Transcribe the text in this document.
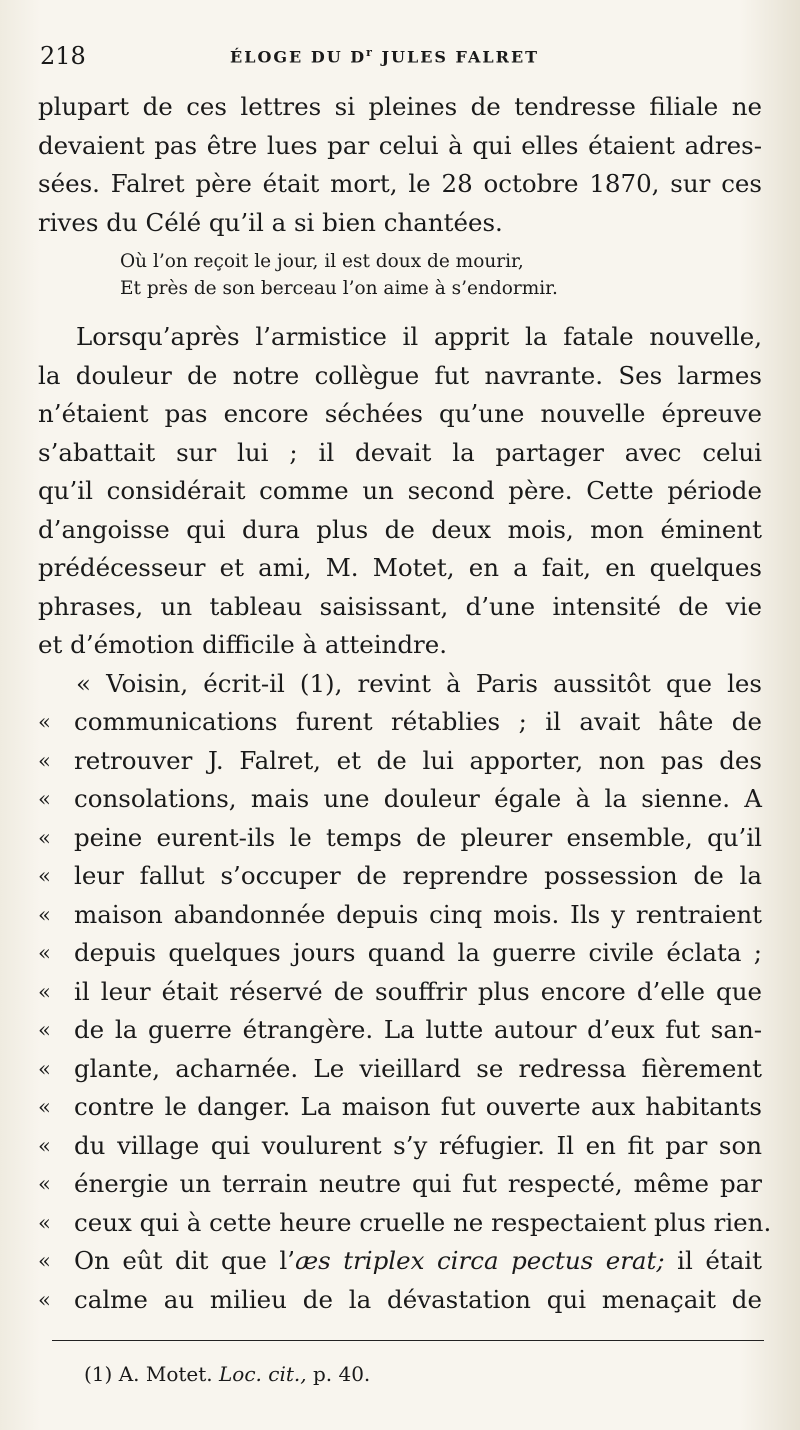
218	ÉLOGE DU $D^r$ JULES FALRET
plupart de ces lettres si pleines de tendresse filiale ne
devaient pas être lues par celui à qui elles étaient adres-
sées. Falret père était mort, le 28 octobre 1870, sur ces

rives du Célé qu’il a si bien chantées.

Où l’on reçoit le jour, il est doux de mourir,
Et près de son berceau l’on aime à s’endormir.
Lorsqu’après l’armistice il apprit la fatale nouvelle,
la douleur de notre collègue fut navrante. Ses larmes
n’étaient pas encore séchées qu’une nouvelle épreuve
s’abattait sur lui ; il devait la partager avec celui
qu’il considérait comme un second père. Cette période
d’angoisse qui dura plus de deux mois, mon éminent
prédécesseur et ami, M. Motet, en a fait, en quelques
phrases, un tableau saisissant, d’une intensité de vie

et d’émotion difficile à atteindre.

« Voisin, écrit-il (1), revint à Paris aussitôt que les
« communications furent rétablies ; il avait hâte de
« retrouver J. Falret, et de lui apporter, non pas des
« consolations, mais une douleur égale à la sienne. A
« peine eurent-ils le temps de pleurer ensemble, qu’il
« leur fallut s’occuper de reprendre possession de la
« maison abandonnée depuis cinq mois. Ils y rentraient
« depuis quelques jours quand la guerre civile éclata ;
« il leur était réservé de souffrir plus encore d’elle que
« de la guerre étrangère. La lutte autour d’eux fut san-
« glante, acharnée. Le vieillard se redressa fièrement
« contre le danger. La maison fut ouverte aux habitants
« du village qui voulurent s’y réfugier. Il en fit par son
« énergie un terrain neutre qui fut respecté, même par
« ceux qui à cette heure cruelle ne respectaient plus rien.
« On eût dit que l’æs triplex circa pectus erat; il était
« calme au milieu de la dévastation qui menaçait de
(1) A. Motet. Loc. cit., p. 40.
